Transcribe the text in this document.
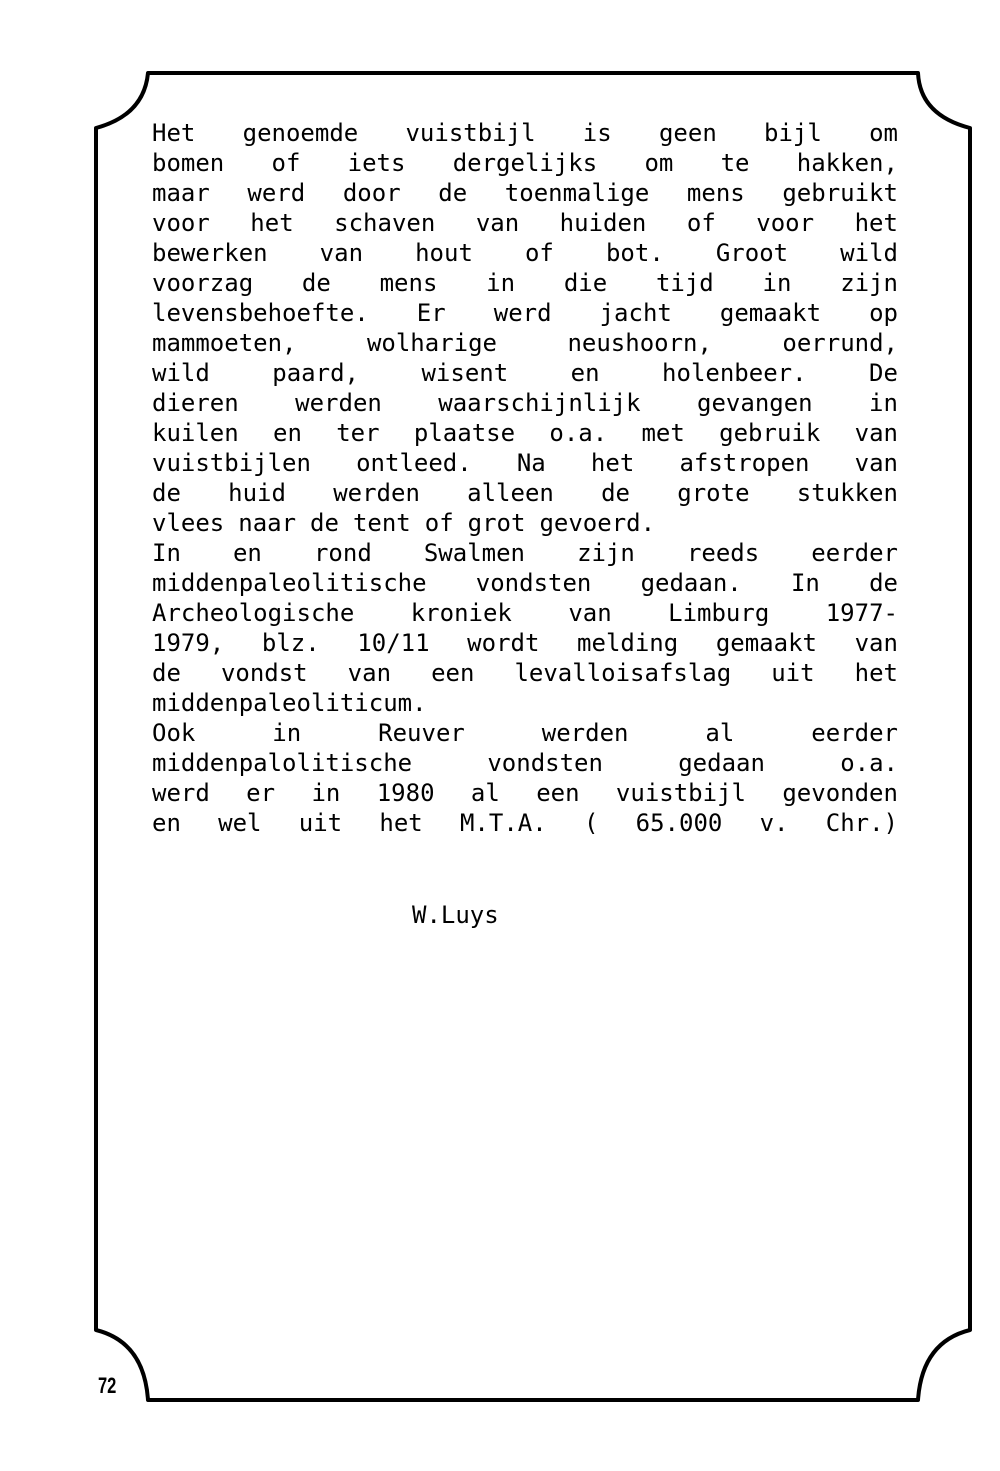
Het genoemde vuistbijl is geen bijl om
bomen of iets dergelijks om te hakken,
maar werd door de toenmalige mens gebruikt
voor het schaven van huiden of voor het
bewerken van hout of bot. Groot wild
voorzag de mens in die tijd in zijn
levensbehoefte. Er werd jacht gemaakt op
mammoeten,	wolharige	neushoorn,	oerrund,
wild	paard,	wisent	en	holenbeer.	De
dieren werden waarschijnlijk gevangen in
kuilen en ter plaatse o.a. met gebruik van
vuistbijlen ontleed. Na het afstropen van
de huid werden alleen de grote stukken
vlees naar de tent of grot gevoerd.
In en rond Swalmen zijn reeds eerder
middenpaleolitische vondsten gedaan. In de
Archeologische kroniek van Limburg 1977-
1979, blz. 10/11 wordt melding gemaakt van
de vondst van een levalloisafslag uit het
middenpaleoliticum.
Ook	in	Reuver	werden	al	eerder
middenpalolitische	vondsten	gedaan	o.a.
werd er in 1980 al een vuistbijl gevonden
en wel uit het M.T.A. ( 65.000 v. Chr.)
W.Luys
72
